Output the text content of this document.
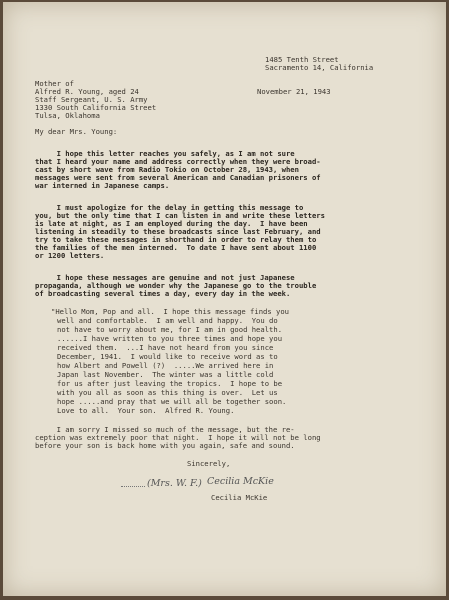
1485 Tenth Street
Sacramento 14, California
Mother of
Alfred R. Young, aged 24	November 21, 1943
Staff Sergeant, U. S. Army
1330 South California Street
Tulsa, Oklahoma
My dear Mrs. Young:
I hope this letter reaches you safely, as I am not sure
that I heard your name and address correctly when they were broad-
cast by short wave from Radio Tokio on October 28, 1943, when
messages were sent from several American and Canadian prisoners of
war interned in Japanese camps.
I must apologize for the delay in getting this message to
you, but the only time that I can listen in and write these letters
is late at night, as I am employed during the day.  I have been
listening in steadily to these broadcasts since last February, and
try to take these messages in shorthand in order to relay them to
the families of the men interned.  To date I have sent about 1100
or 1200 letters.
I hope these messages are genuine and not just Japanese
propaganda, although we wonder why the Japanese go to the trouble
of broadcasting several times a day, every day in the week.
"Hello Mom, Pop and all.  I hope this message finds you
well and comfortable.  I am well and happy.  You do
not have to worry about me, for I am in good health.
......I have written to you three times and hope you
received them.  ...I have not heard from you since
December, 1941.  I would like to receive word as to
how Albert and Powell (?)  .....We arrived here in
Japan last November.  The winter was a little cold
for us after just leaving the tropics.  I hope to be
with you all as soon as this thing is over.  Let us
hope .....and pray that we will all be together soon.
Love to all.  Your son.  Alfred R. Young.
I am sorry I missed so much of the message, but the re-
ception was extremely poor that night.  I hope it will not be long
before your son is back home with you again, safe and sound.
Sincerely,
(Mrs. W. F.) Cecilia McKie
Cecilia McKie
